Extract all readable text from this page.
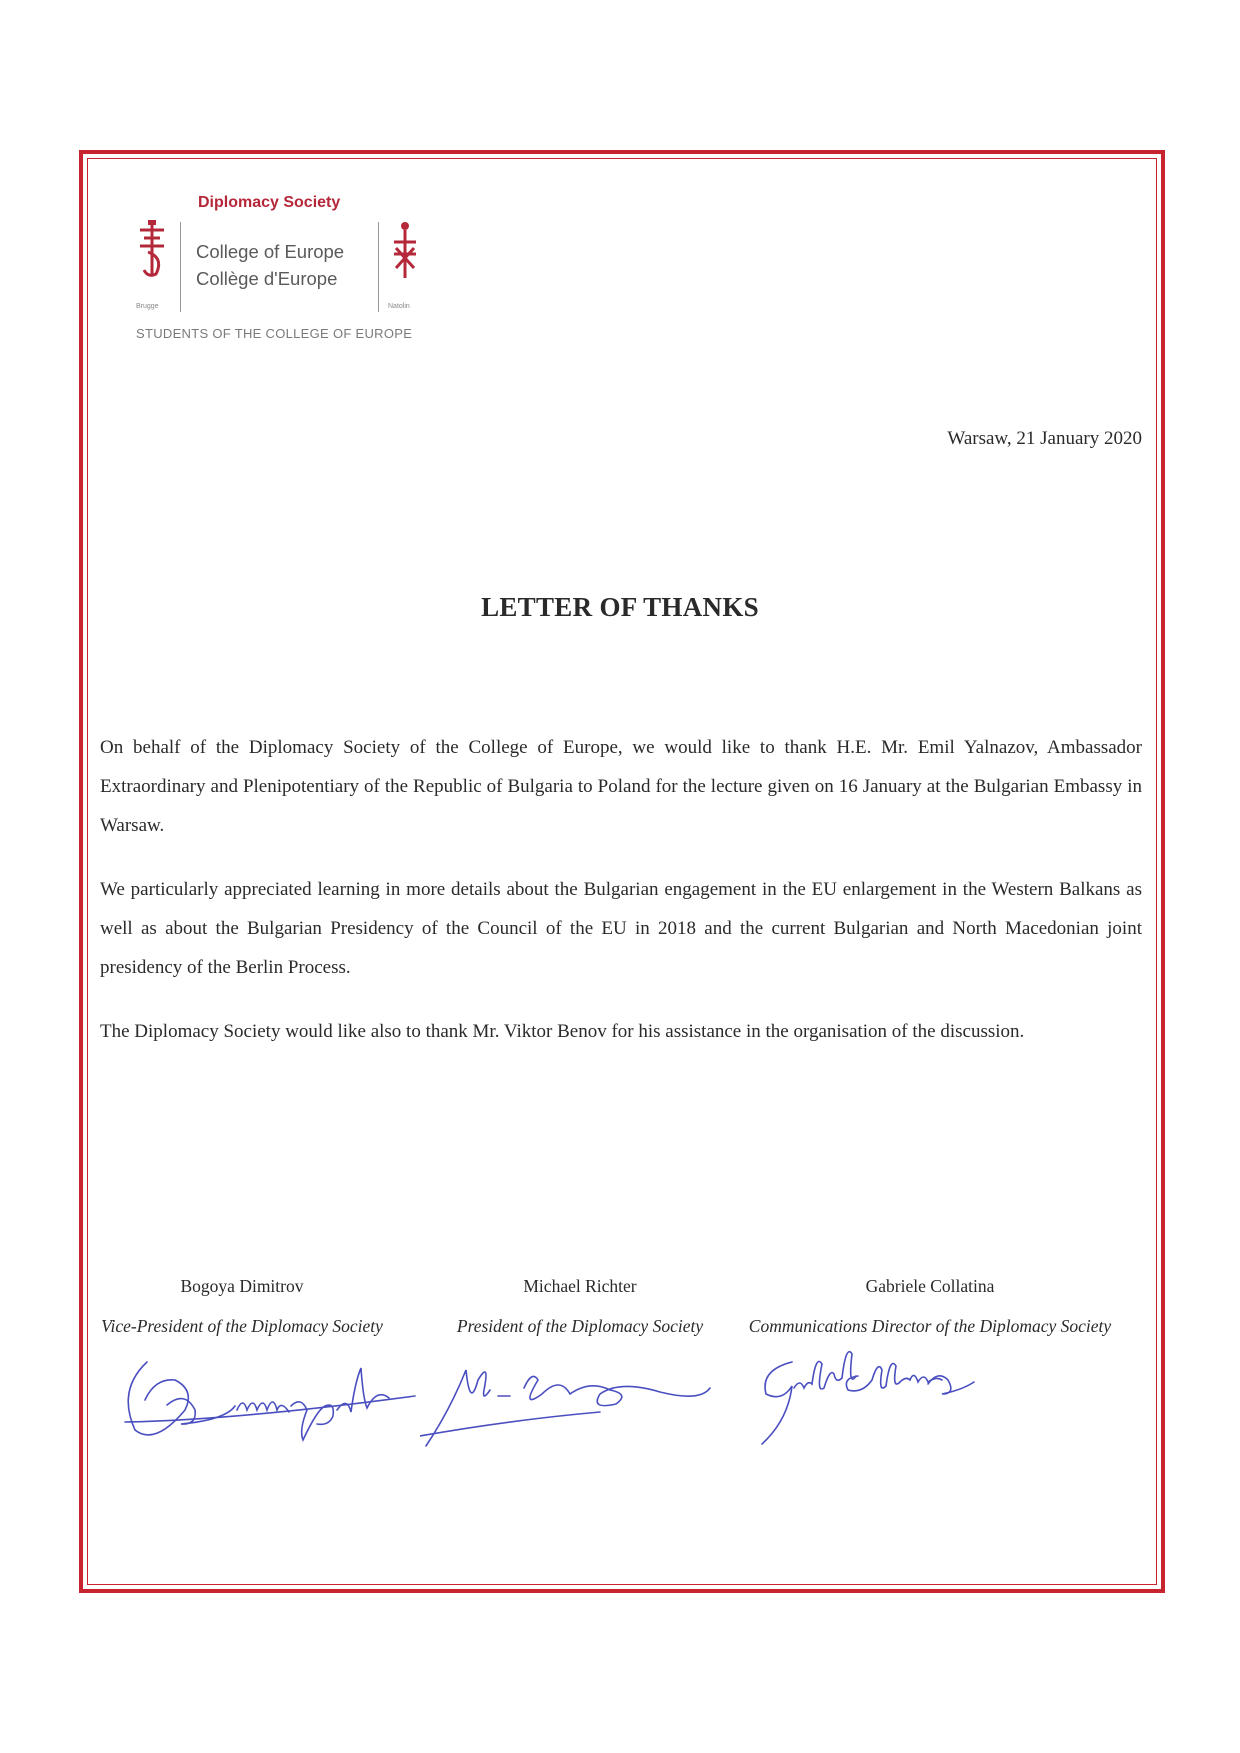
Diplomacy Society
College of Europe
Collège d'Europe
Brugge	Natolin
STUDENTS OF THE COLLEGE OF EUROPE
Warsaw, 21 January 2020
LETTER OF THANKS

On behalf of the Diplomacy Society of the College of Europe, we would like to thank H.E. Mr. Emil Yalnazov, Ambassador Extraordinary and Plenipotentiary of the Republic of Bulgaria to Poland for the lecture given on 16 January at the Bulgarian Embassy in Warsaw.

We particularly appreciated learning in more details about the Bulgarian engagement in the EU enlargement in the Western Balkans as well as about the Bulgarian Presidency of the Council of the EU in 2018 and the current Bulgarian and North Macedonian joint presidency of the Berlin Process.

The Diplomacy Society would like also to thank Mr. Viktor Benov for his assistance in the organisation of the discussion.

Bogoya Dimitrov
Vice-President of the Diplomacy Society
Michael Richter
President of the Diplomacy Society
Gabriele Collatina
Communications Director of the Diplomacy Society
